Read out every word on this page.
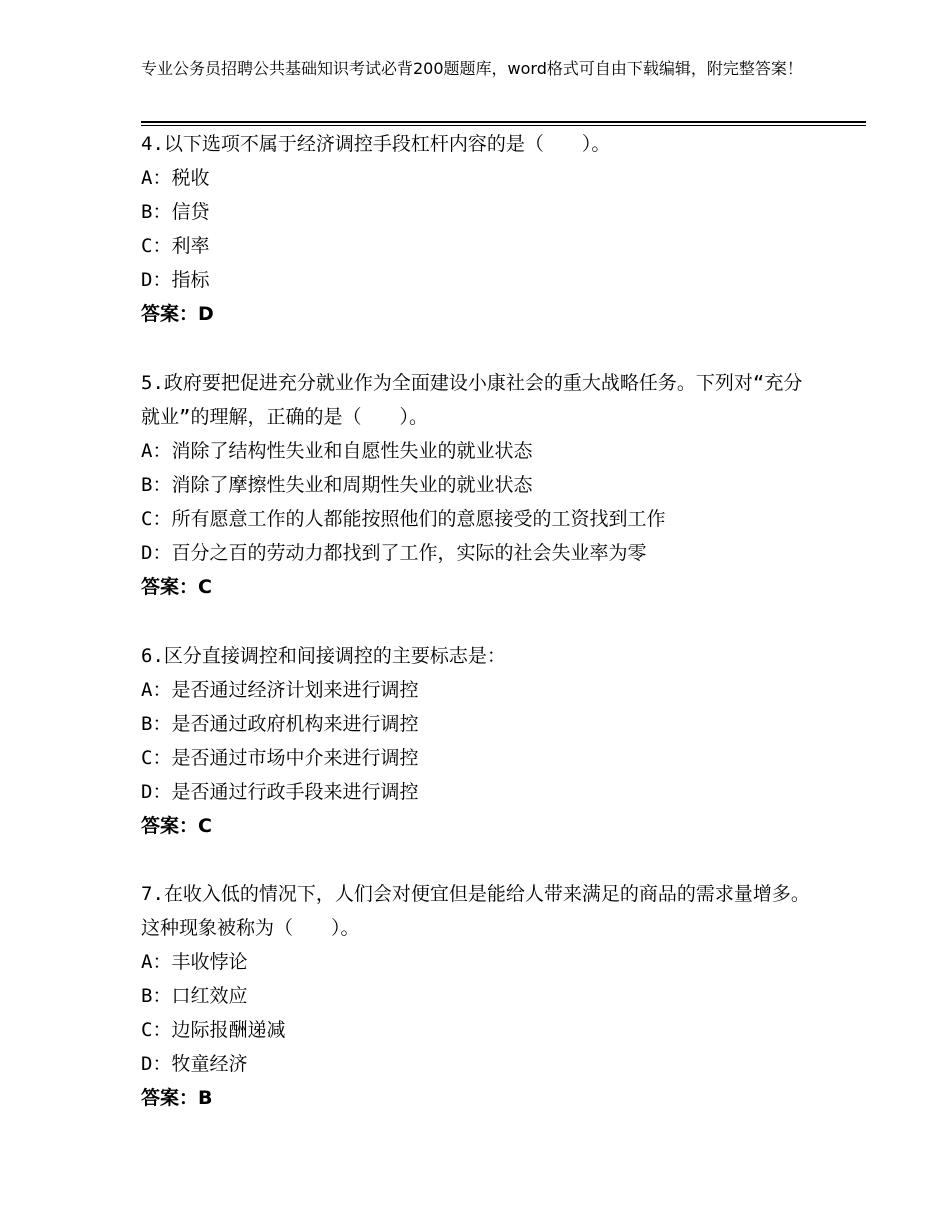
专业公务员招聘公共基础知识考试必背200题题库，word格式可自由下载编辑，附完整答案！

4.以下选项不属于经济调控手段杠杆内容的是（　　）。

A：税收

B：信贷

C：利率

D：指标

答案：D

5.政府要把促进充分就业作为全面建设小康社会的重大战略任务。下列对“充分就业”的理解，正确的是（　　）。

A：消除了结构性失业和自愿性失业的就业状态

B：消除了摩擦性失业和周期性失业的就业状态

C：所有愿意工作的人都能按照他们的意愿接受的工资找到工作

D：百分之百的劳动力都找到了工作，实际的社会失业率为零

答案：C

6.区分直接调控和间接调控的主要标志是：

A：是否通过经济计划来进行调控

B：是否通过政府机构来进行调控

C：是否通过市场中介来进行调控

D：是否通过行政手段来进行调控

答案：C

7.在收入低的情况下，人们会对便宜但是能给人带来满足的商品的需求量增多。这种现象被称为（　　）。

A：丰收悖论

B：口红效应

C：边际报酬递减

D：牧童经济

答案：B
